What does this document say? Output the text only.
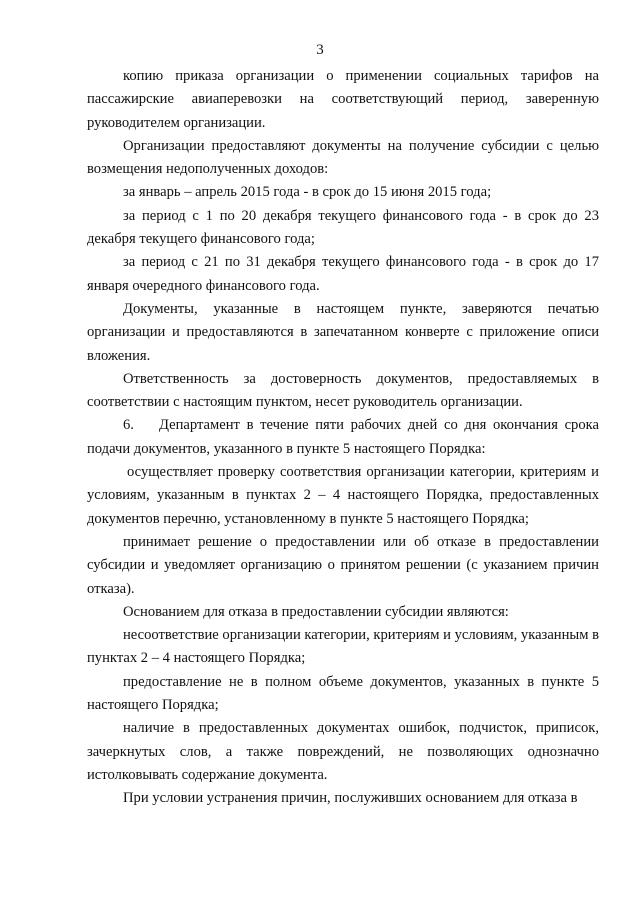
3

копию приказа организации о применении социальных тарифов на пассажирские авиаперевозки на соответствующий период, заверенную руководителем организации.

Организации предоставляют документы на получение субсидии с целью возмещения недополученных доходов:

за январь – апрель 2015 года - в срок до 15 июня 2015 года;

за период с 1 по 20 декабря текущего финансового года - в срок до 23 декабря текущего финансового года;

за период с 21 по 31 декабря текущего финансового года - в срок до 17 января очередного финансового года.

Документы, указанные в настоящем пункте, заверяются печатью организации и предоставляются в запечатанном конверте с приложение описи вложения.

Ответственность за достоверность документов, предоставляемых в соответствии с настоящим пунктом, несет руководитель организации.

6. Департамент в течение пяти рабочих дней со дня окончания срока подачи документов, указанного в пункте 5 настоящего Порядка:

осуществляет проверку соответствия организации категории, критериям и условиям, указанным в пунктах 2 – 4 настоящего Порядка, предоставленных документов перечню, установленному в пункте 5 настоящего Порядка;

принимает решение о предоставлении или об отказе в предоставлении субсидии и уведомляет организацию о принятом решении (с указанием причин отказа).

Основанием для отказа в предоставлении субсидии являются:

несоответствие организации категории, критериям и условиям, указанным в пунктах 2 – 4 настоящего Порядка;

предоставление не в полном объеме документов, указанных в пункте 5 настоящего Порядка;

наличие в предоставленных документах ошибок, подчисток, приписок, зачеркнутых слов, а также повреждений, не позволяющих однозначно истолковывать содержание документа.

При условии устранения причин, послуживших основанием для отказа в
